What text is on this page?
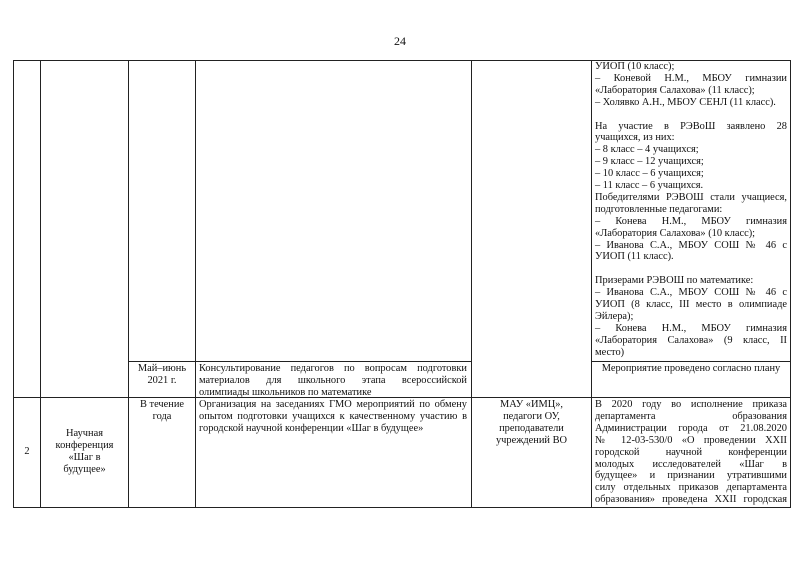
24
УИОП (10 класс);
– Коневой Н.М., МБОУ гимназии
«Лаборатория Салахова» (11 класс);
– Холявко А.Н., МБОУ СЕНЛ (11 класс).
На участие в РЭВоШ заявлено 28
учащихся, из них:
– 8 класс – 4 учащихся;
– 9 класс – 12 учащихся;
– 10 класс – 6 учащихся;
– 11 класс – 6 учащихся.
Победителями РЭВОШ стали учащиеся,
подготовленные педагогами:
– Конева Н.М., МБОУ гимназия
«Лаборатория Салахова» (10 класс);
– Иванова С.А., МБОУ СОШ № 46 с
УИОП (11 класс).
Призерами РЭВОШ по математике:
– Иванова С.А., МБОУ СОШ № 46 с
УИОП (8 класс, III место в олимпиаде
Эйлера);
– Конева Н.М., МБОУ гимназия
«Лаборатория Салахова» (9 класс, II
место)
Май–июнь
2021 г.
Консультирование педагогов по вопросам подготовки
материалов для школьного этапа всероссийской
олимпиады школьников по математике
Мероприятие проведено согласно плану
2
Научная
конференция
«Шаг в
будущее»
В течение
года
Организация на заседаниях ГМО мероприятий по обмену
опытом подготовки учащихся к качественному участию в
городской научной конференции «Шаг в будущее»
МАУ «ИМЦ»,
педагоги ОУ,
преподаватели
учреждений ВО
В 2020 году во исполнение приказа
департамента образования
Администрации города от 21.08.2020
№ 12-03-530/0 «О проведении XXII
городской научной конференции
молодых исследователей «Шаг в
будущее» и признании утратившими
силу отдельных приказов департамента
образования» проведена XXII городская
